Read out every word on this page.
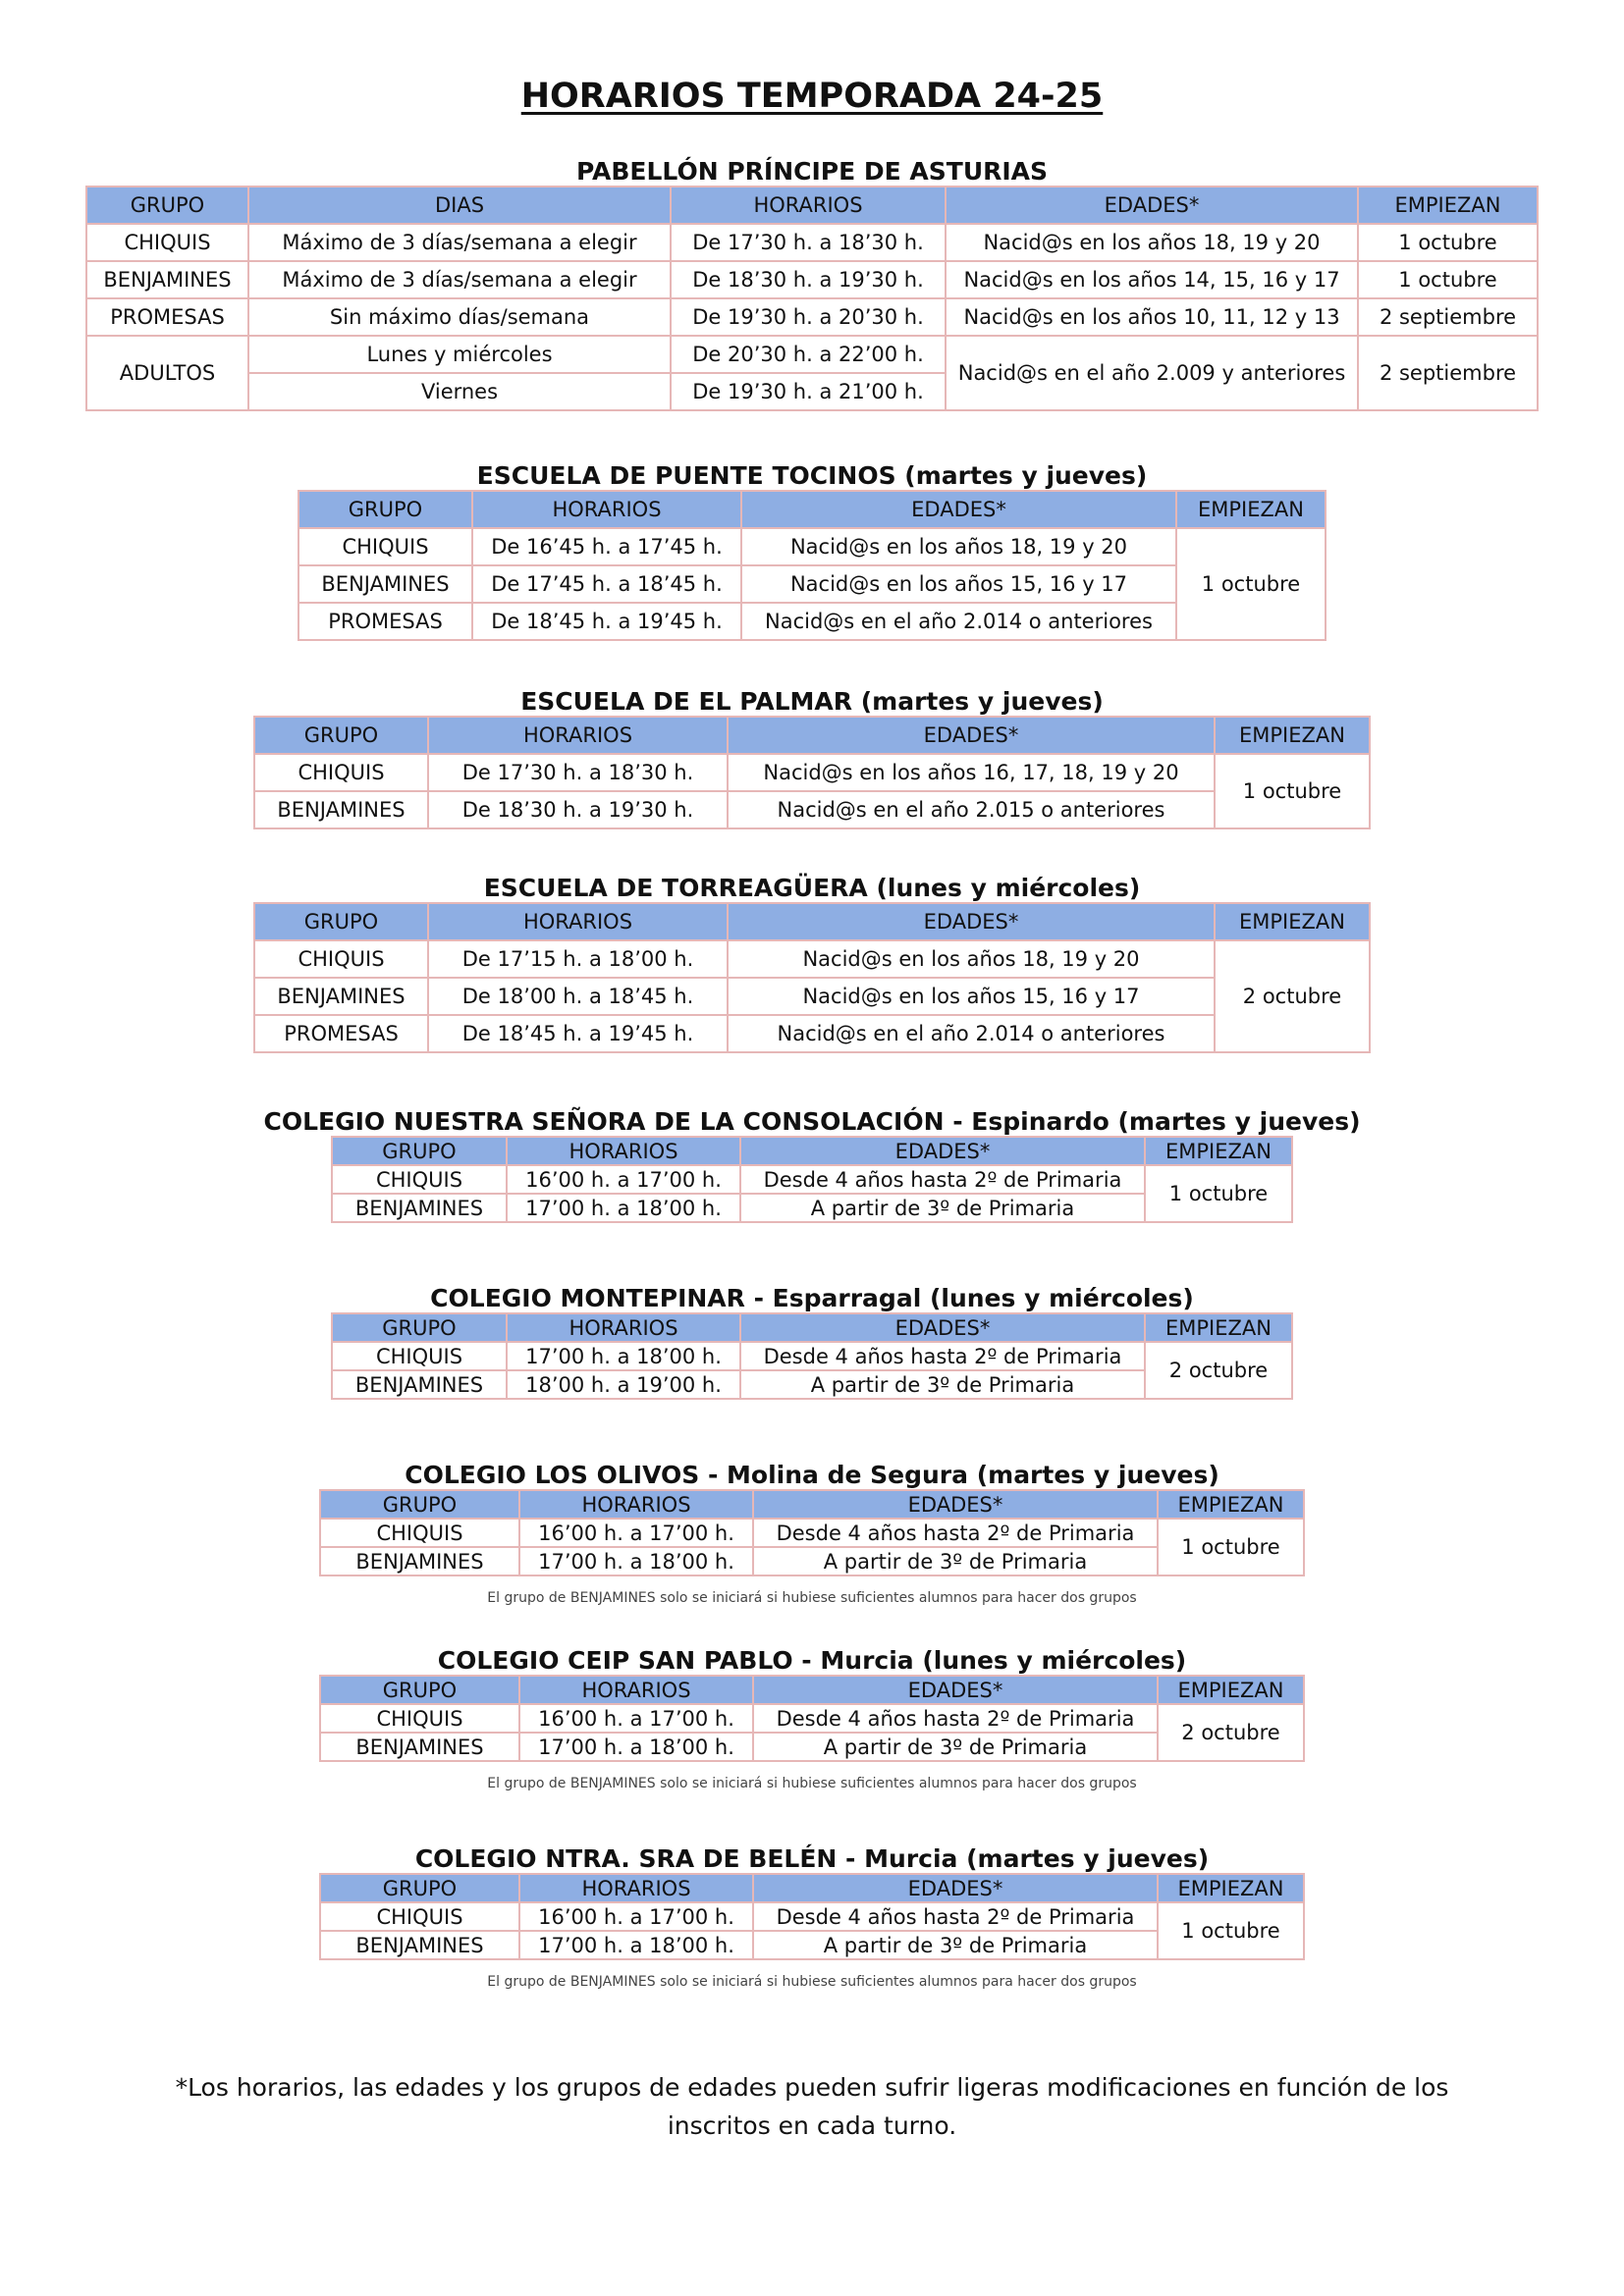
HORARIOS TEMPORADA 24-25
PABELLÓN PRÍNCIPE DE ASTURIAS
GRUPO	DIAS	HORARIOS	EDADES*	EMPIEZAN
CHIQUIS	Máximo de 3 días/semana a elegir	De 17’30 h. a 18’30 h.	Nacid@s en los años 18, 19 y 20	1 octubre
BENJAMINES	Máximo de 3 días/semana a elegir	De 18’30 h. a 19’30 h.	Nacid@s en los años 14, 15, 16 y 17	1 octubre
PROMESAS	Sin máximo días/semana	De 19’30 h. a 20’30 h.	Nacid@s en los años 10, 11, 12 y 13	2 septiembre
ADULTOS	Lunes y miércoles	De 20’30 h. a 22’00 h.	Nacid@s en el año 2.009 y anteriores	2 septiembre
	Viernes	De 19’30 h. a 21’00 h.		
ESCUELA DE PUENTE TOCINOS (martes y jueves)
GRUPO	HORARIOS	EDADES*	EMPIEZAN
CHIQUIS	De 16’45 h. a 17’45 h.	Nacid@s en los años 18, 19 y 20	1 octubre
BENJAMINES	De 17’45 h. a 18’45 h.	Nacid@s en los años 15, 16 y 17	
PROMESAS	De 18’45 h. a 19’45 h.	Nacid@s en el año 2.014 o anteriores	
ESCUELA DE EL PALMAR (martes y jueves)
GRUPO	HORARIOS	EDADES*	EMPIEZAN
CHIQUIS	De 17’30 h. a 18’30 h.	Nacid@s en los años 16, 17, 18, 19 y 20	1 octubre
BENJAMINES	De 18’30 h. a 19’30 h.	Nacid@s en el año 2.015 o anteriores	
ESCUELA DE TORREAGÜERA (lunes y miércoles)
GRUPO	HORARIOS	EDADES*	EMPIEZAN
CHIQUIS	De 17’15 h. a 18’00 h.	Nacid@s en los años 18, 19 y 20	2 octubre
BENJAMINES	De 18’00 h. a 18’45 h.	Nacid@s en los años 15, 16 y 17	
PROMESAS	De 18’45 h. a 19’45 h.	Nacid@s en el año 2.014 o anteriores	
COLEGIO NUESTRA SEÑORA DE LA CONSOLACIÓN - Espinardo (martes y jueves)
GRUPO	HORARIOS	EDADES*	EMPIEZAN
CHIQUIS	16’00 h. a 17’00 h.	Desde 4 años hasta 2º de Primaria	1 octubre
BENJAMINES	17’00 h. a 18’00 h.	A partir de 3º de Primaria	
COLEGIO MONTEPINAR - Esparragal (lunes y miércoles)
GRUPO	HORARIOS	EDADES*	EMPIEZAN
CHIQUIS	17’00 h. a 18’00 h.	Desde 4 años hasta 2º de Primaria	2 octubre
BENJAMINES	18’00 h. a 19’00 h.	A partir de 3º de Primaria	
COLEGIO LOS OLIVOS - Molina de Segura (martes y jueves)
GRUPO	HORARIOS	EDADES*	EMPIEZAN
CHIQUIS	16’00 h. a 17’00 h.	Desde 4 años hasta 2º de Primaria	1 octubre
BENJAMINES	17’00 h. a 18’00 h.	A partir de 3º de Primaria	
El grupo de BENJAMINES solo se iniciará si hubiese suficientes alumnos para hacer dos grupos
COLEGIO CEIP SAN PABLO - Murcia (lunes y miércoles)
GRUPO	HORARIOS	EDADES*	EMPIEZAN
CHIQUIS	16’00 h. a 17’00 h.	Desde 4 años hasta 2º de Primaria	2 octubre
BENJAMINES	17’00 h. a 18’00 h.	A partir de 3º de Primaria	
El grupo de BENJAMINES solo se iniciará si hubiese suficientes alumnos para hacer dos grupos
COLEGIO NTRA. SRA DE BELÉN - Murcia (martes y jueves)
GRUPO	HORARIOS	EDADES*	EMPIEZAN
CHIQUIS	16’00 h. a 17’00 h.	Desde 4 años hasta 2º de Primaria	1 octubre
BENJAMINES	17’00 h. a 18’00 h.	A partir de 3º de Primaria	
El grupo de BENJAMINES solo se iniciará si hubiese suficientes alumnos para hacer dos grupos
*Los horarios, las edades y los grupos de edades pueden sufrir ligeras modificaciones en función de los inscritos en cada turno.
